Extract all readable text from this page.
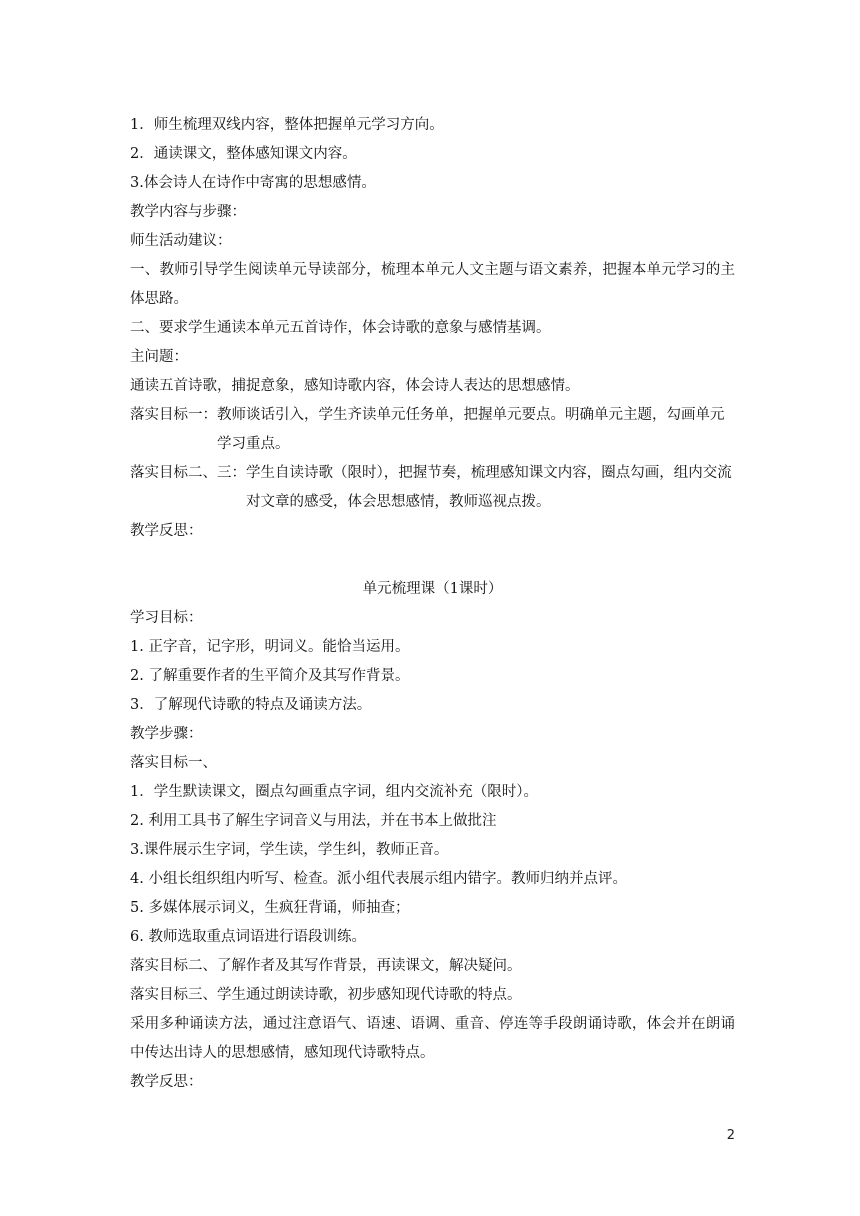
1．师生梳理双线内容，整体把握单元学习方向。
2．通读课文，整体感知课文内容。
3.体会诗人在诗作中寄寓的思想感情。
教学内容与步骤：
师生活动建议：
一、教师引导学生阅读单元导读部分，梳理本单元人文主题与语文素养，把握本单元学习的主体思路。
二、要求学生通读本单元五首诗作，体会诗歌的意象与感情基调。
主问题：
通读五首诗歌，捕捉意象，感知诗歌内容，体会诗人表达的思想感情。
落实目标一： 教师谈话引入，学生齐读单元任务单，把握单元要点。明确单元主题，勾画单元学习重点。
落实目标二、三： 学生自读诗歌（限时），把握节奏，梳理感知课文内容，圈点勾画，组内交流对文章的感受，体会思想感情，教师巡视点拨。
教学反思：
单元梳理课（1课时）
学习目标：
1. 正字音，记字形，明词义。能恰当运用。
2. 了解重要作者的生平简介及其写作背景。
3．了解现代诗歌的特点及诵读方法。
教学步骤：
落实目标一、
1．学生默读课文，圈点勾画重点字词，组内交流补充（限时）。
2. 利用工具书了解生字词音义与用法，并在书本上做批注
3.课件展示生字词，学生读，学生纠，教师正音。
4. 小组长组织组内听写、检查。派小组代表展示组内错字。教师归纳并点评。
5. 多媒体展示词义，生疯狂背诵，师抽查；
6. 教师选取重点词语进行语段训练。
落实目标二、了解作者及其写作背景，再读课文，解决疑问。
落实目标三、学生通过朗读诗歌，初步感知现代诗歌的特点。
采用多种诵读方法，通过注意语气、语速、语调、重音、停连等手段朗诵诗歌，体会并在朗诵中传达出诗人的思想感情，感知现代诗歌特点。
教学反思：
2
